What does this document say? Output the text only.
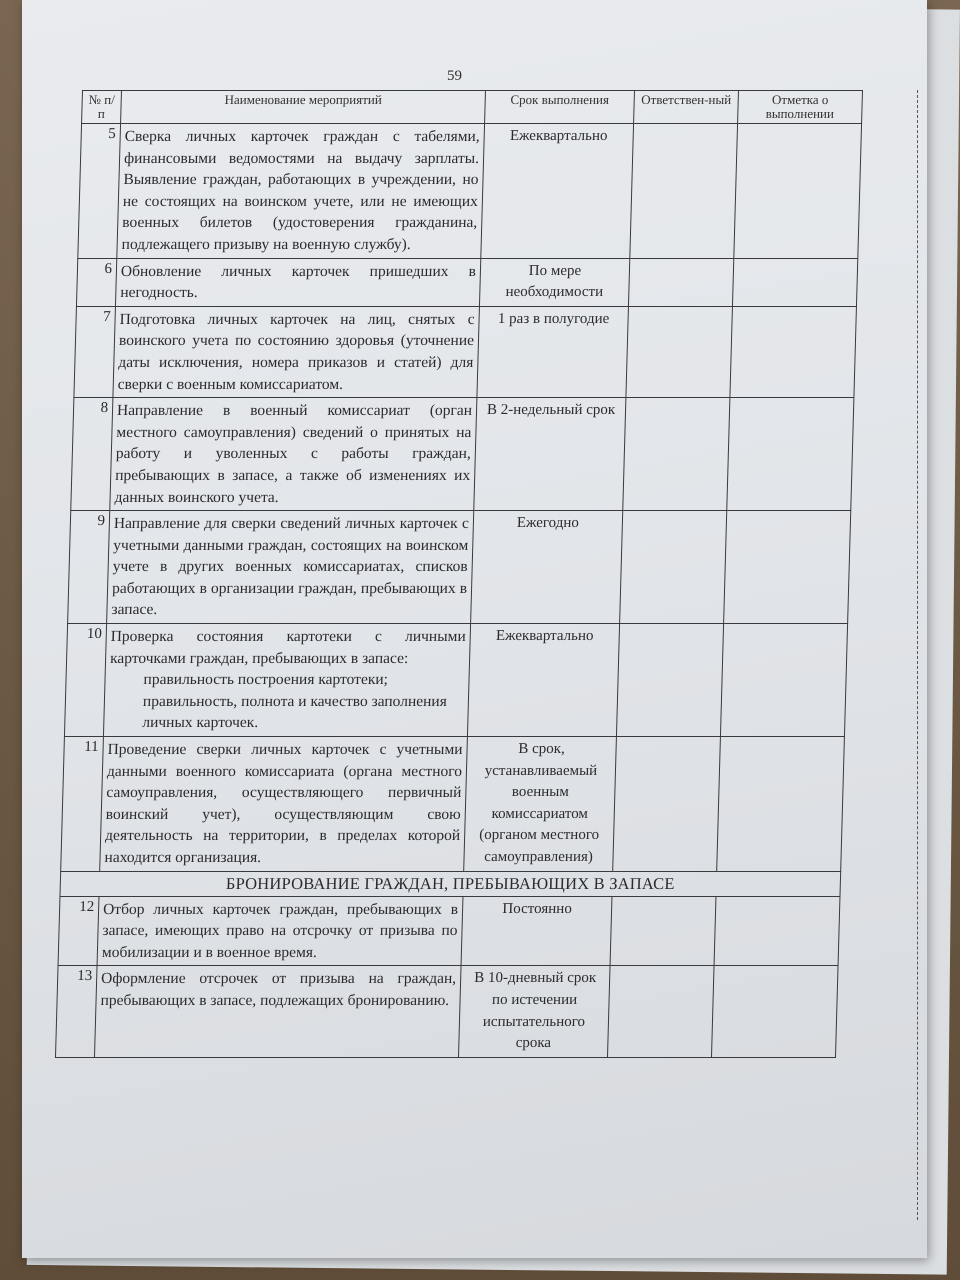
59
№ п/п	Наименование мероприятий	Срок выполнения	Ответствен-ный	Отметка о выполнении
5	Сверка личных карточек граждан с табелями, финансовыми ведомостями на выдачу зарплаты. Выявление граждан, работающих в учреждении, но не состоящих на воинском учете, или не имеющих военных билетов (удостоверения гражданина, подлежащего призыву на военную службу).	Ежеквартально		
6	Обновление личных карточек пришедших в негодность.	По мере необходимости		
7	Подготовка личных карточек на лиц, снятых с воинского учета по состоянию здоровья (уточнение даты исключения, номера приказов и статей) для сверки с военным комиссариатом.	1 раз в полугодие		
8	Направление в военный комиссариат (орган местного самоуправления) сведений о принятых на работу и уволенных с работы граждан, пребывающих в запасе, а также об изменениях их данных воинского учета.	В 2-недельный срок		
9	Направление для сверки сведений личных карточек с учетными данными граждан, состоящих на воинском учете в других военных комиссариатах, списков работающих в организации граждан, пребывающих в запасе.	Ежегодно		
10	Проверка состояния картотеки с личными карточками граждан, пребывающих в запасе:
правильность построения картотеки;
правильность, полнота и качество заполнения личных карточек.	Ежеквартально		
11	Проведение сверки личных карточек с учетными данными военного комиссариата (органа местного самоуправления, осуществляющего первичный воинский учет), осуществляющим свою деятельность на территории, в пределах которой находится организация.	В срок, устанавливаемый военным комиссариатом (органом местного самоуправления)		
БРОНИРОВАНИЕ ГРАЖДАН, ПРЕБЫВАЮЩИХ В ЗАПАСЕ				
12	Отбор личных карточек граждан, пребывающих в запасе, имеющих право на отсрочку от призыва по мобилизации и в военное время.	Постоянно		
13	Оформление отсрочек от призыва на граждан, пребывающих в запасе, подлежащих бронированию.	В 10-дневный срок по истечении испытательного срока		
